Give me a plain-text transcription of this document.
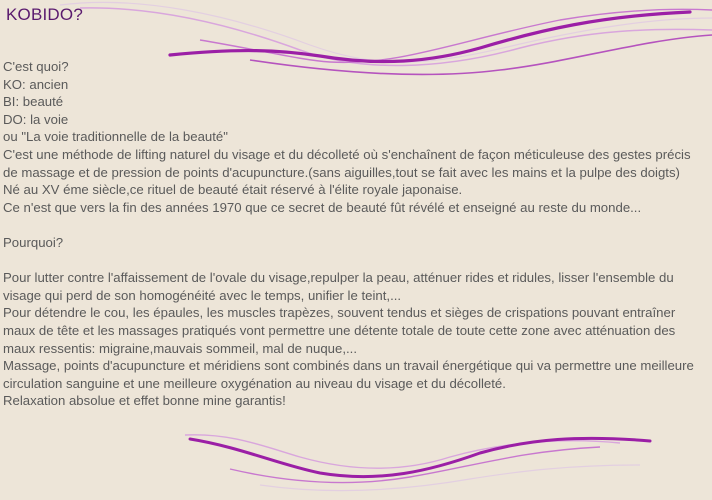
KOBIDO?

C'est quoi?

KO: ancien

BI: beauté

DO: la voie

ou "La voie traditionnelle de la beauté"

C'est une méthode de lifting naturel du visage et du décolleté où s'enchaînent de façon méticuleuse des gestes précis de massage et de pression de points d'acupuncture.(sans aiguilles,tout se fait avec les mains et la pulpe des doigts)

Né au XV éme siècle,ce rituel de beauté était réservé à l'élite royale japonaise.

Ce n'est que vers la fin des années 1970 que ce secret de beauté fût révélé et enseigné au reste du monde...

Pourquoi?

Pour lutter contre l'affaissement de l'ovale du visage,repulper la peau, atténuer rides et ridules, lisser l'ensemble du visage qui perd de son homogénéité avec le temps, unifier le teint,...

Pour détendre le cou, les épaules, les muscles trapèzes, souvent tendus et sièges de crispations pouvant entraîner maux de tête et les massages pratiqués vont permettre une détente totale de toute cette zone avec atténuation des maux ressentis: migraine,mauvais sommeil, mal de nuque,...

Massage, points d'acupuncture et méridiens sont combinés dans un travail énergétique qui va permettre une meilleure circulation sanguine et une meilleure oxygénation au niveau du visage et du décolleté.

Relaxation absolue et effet bonne mine garantis!
